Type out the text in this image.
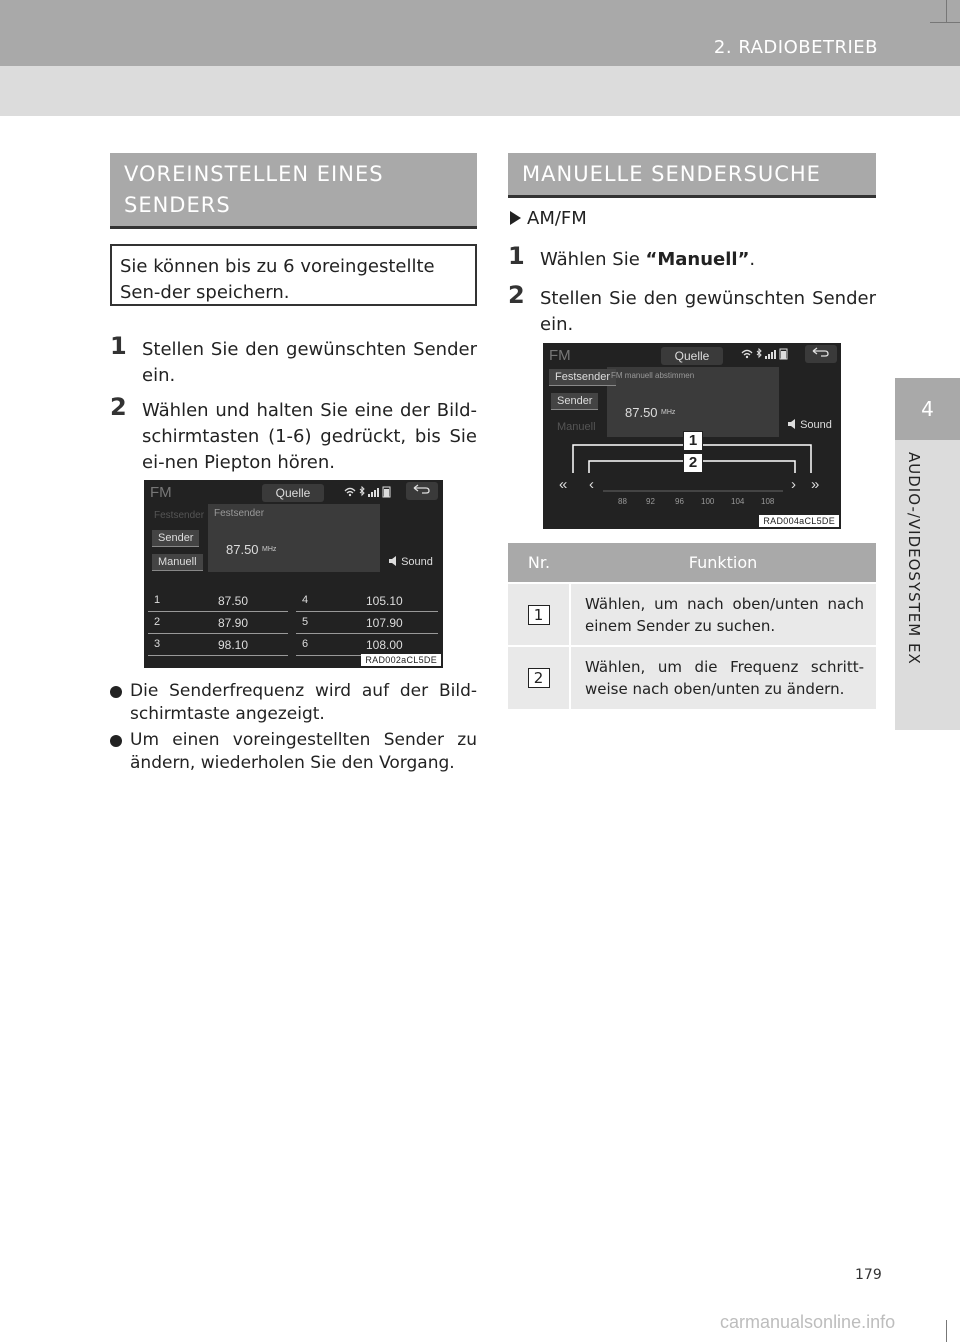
2. RADIOBETRIEB
4
AUDIO-/VIDEOSYSTEM EX
VOREINSTELLEN EINES SENDERS
Sie können bis zu 6 voreingestellte Sen-der speichern.
1 Stellen Sie den gewünschten Sender ein.
2 Wählen und halten Sie eine der Bild-schirmtasten (1-6) gedrückt, bis Sie ei-nen Piepton hören.
FM	Quelle
Festsender Festsender
Sender
Manuell
87.50 MHz
Sound
1	87.50	4	105.10
2	87.90	5	107.90
3	98.10	6	108.00
RAD002aCL5DE
Die Senderfrequenz wird auf der Bild-schirmtaste angezeigt.
Um einen voreingestellten Sender zu ändern, wiederholen Sie den Vorgang.
MANUELLE SENDERSUCHE
AM/FM
1 Wählen Sie “Manuell”.
2 Stellen Sie den gewünschten Sender ein.
FM	Quelle
Festsender
Sender
Manuell
FM manuell abstimmen
87.50 MHz
Sound
« ‹	› »
88 92	96 100 104 108
1
2
RAD004aCL5DE
Nr.	Funktion
1	Wählen, um nach oben/unten nach einem Sender zu suchen.
2	Wählen, um die Frequenz schritt-weise nach oben/unten zu ändern.
179
carmanualsonline.info
